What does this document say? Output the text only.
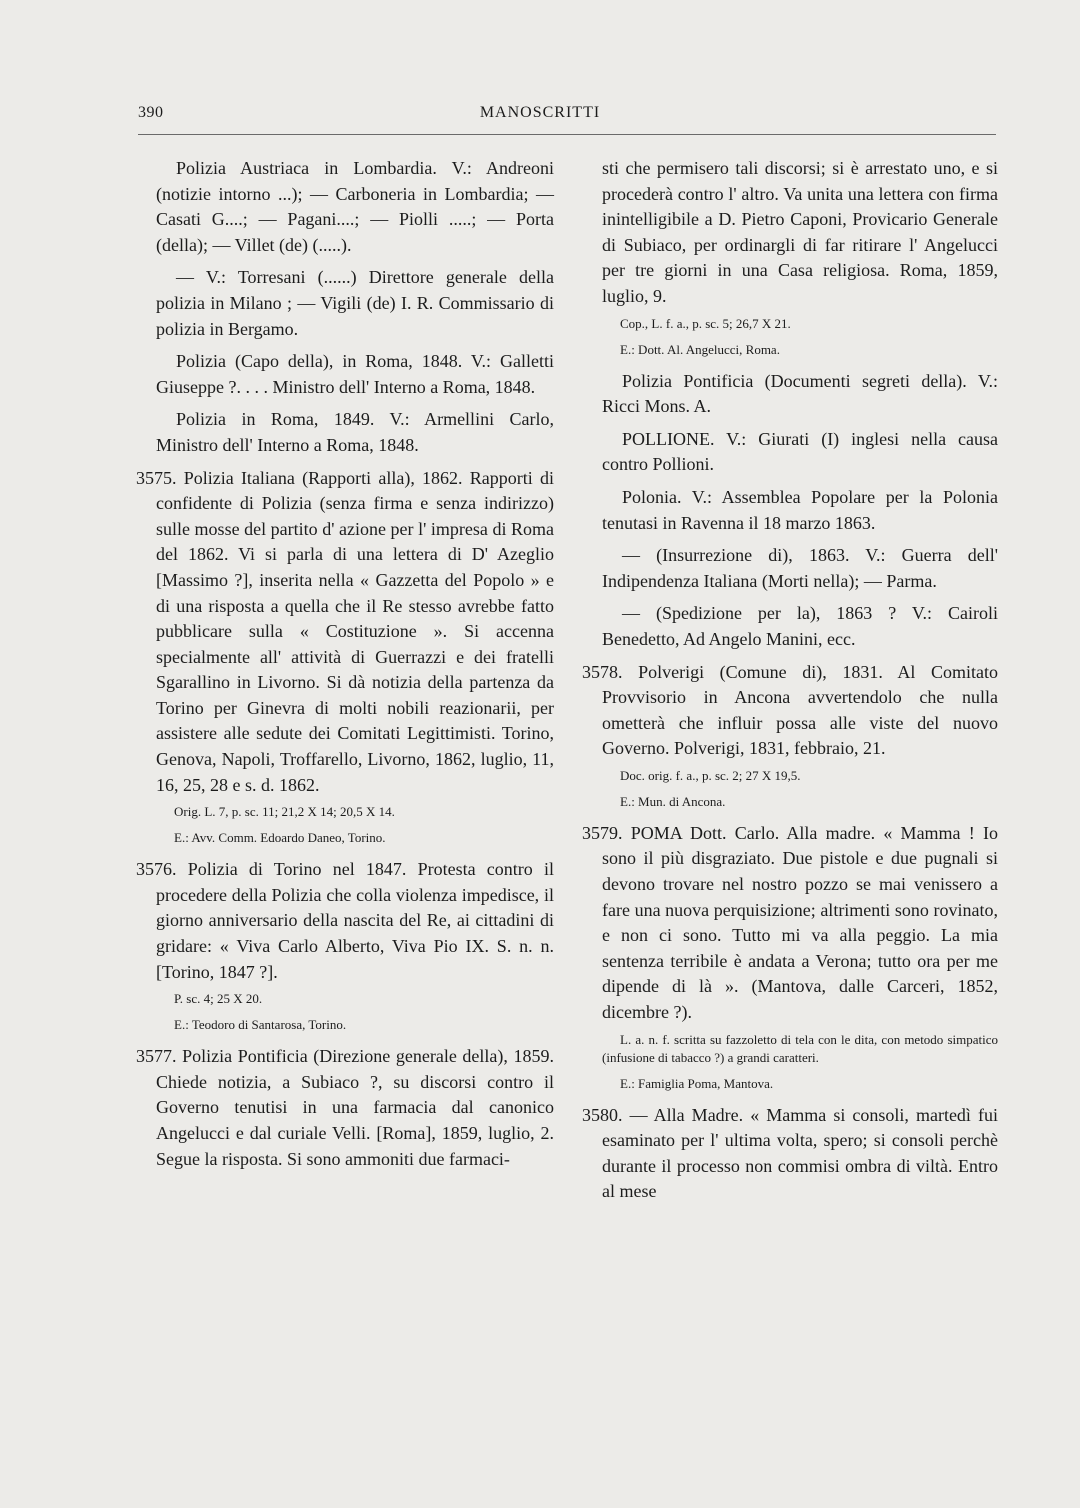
390	MANOSCRITTI

Polizia Austriaca in Lombardia. V.: Andreoni (notizie intorno ...); — Carboneria in Lombardia; — Casati G....; — Pagani....; — Piolli .....; — Porta (della); — Villet (de) (.....).

— V.: Torresani (......) Direttore generale della polizia in Milano ; — Vigili (de) I. R. Commissario di polizia in Bergamo.

Polizia (Capo della), in Roma, 1848. V.: Galletti Giuseppe ?. . . . Ministro dell' Interno a Roma, 1848.

Polizia in Roma, 1849. V.: Armellini Carlo, Ministro dell' Interno a Roma, 1848.

3575. Polizia Italiana (Rapporti alla), 1862. Rapporti di confidente di Polizia (senza firma e senza indirizzo) sulle mosse del partito d' azione per l' impresa di Roma del 1862. Vi si parla di una lettera di D' Azeglio [Massimo ?], inserita nella « Gazzetta del Popolo » e di una risposta a quella che il Re stesso avrebbe fatto pubblicare sulla « Costituzione ». Si accenna specialmente all' attività di Guerrazzi e dei fratelli Sgarallino in Livorno. Si dà notizia della partenza da Torino per Ginevra di molti nobili reazionarii, per assistere alle sedute dei Comitati Legittimisti. Torino, Genova, Napoli, Troffarello, Livorno, 1862, luglio, 11, 16, 25, 28 e s. d. 1862.

Orig. L. 7, p. sc. 11; 21,2 X 14; 20,5 X 14.

E.: Avv. Comm. Edoardo Daneo, Torino.

3576. Polizia di Torino nel 1847. Protesta contro il procedere della Polizia che colla violenza impedisce, il giorno anniversario della nascita del Re, ai cittadini di gridare: « Viva Carlo Alberto, Viva Pio IX. S. n. n. [Torino, 1847 ?].

P. sc. 4; 25 X 20.

E.: Teodoro di Santarosa, Torino.

3577. Polizia Pontificia (Direzione generale della), 1859. Chiede notizia, a Subiaco ?, su discorsi contro il Governo tenutisi in una farmacia dal canonico Angelucci e dal curiale Velli. [Roma], 1859, luglio, 2. Segue la risposta. Si sono ammoniti due farmaci-

sti che permisero tali discorsi; si è arrestato uno, e si procederà contro l' altro. Va unita una lettera con firma inintelligibile a D. Pietro Caponi, Provicario Generale di Subiaco, per ordinargli di far ritirare l' Angelucci per tre giorni in una Casa religiosa. Roma, 1859, luglio, 9.

Cop., L. f. a., p. sc. 5; 26,7 X 21.

E.: Dott. Al. Angelucci, Roma.

Polizia Pontificia (Documenti segreti della). V.: Ricci Mons. A.

POLLIONE. V.: Giurati (I) inglesi nella causa contro Pollioni.

Polonia. V.: Assemblea Popolare per la Polonia tenutasi in Ravenna il 18 marzo 1863.

— (Insurrezione di), 1863. V.: Guerra dell' Indipendenza Italiana (Morti nella); — Parma.

— (Spedizione per la), 1863 ? V.: Cairoli Benedetto, Ad Angelo Manini, ecc.

3578. Polverigi (Comune di), 1831. Al Comitato Provvisorio in Ancona avvertendolo che nulla ometterà che influir possa alle viste del nuovo Governo. Polverigi, 1831, febbraio, 21.

Doc. orig. f. a., p. sc. 2; 27 X 19,5.

E.: Mun. di Ancona.

3579. POMA Dott. Carlo. Alla madre. « Mamma ! Io sono il più disgraziato. Due pistole e due pugnali si devono trovare nel nostro pozzo se mai venissero a fare una nuova perquisizione; altrimenti sono rovinato, e non ci sono. Tutto mi va alla peggio. La mia sentenza terribile è andata a Verona; tutto ora per me dipende di là ». (Mantova, dalle Carceri, 1852, dicembre ?).

L. a. n. f. scritta su fazzoletto di tela con le dita, con metodo simpatico (infusione di tabacco ?) a grandi caratteri.

E.: Famiglia Poma, Mantova.

3580. — Alla Madre. « Mamma si consoli, martedì fui esaminato per l' ultima volta, spero; si consoli perchè durante il processo non commisi ombra di viltà. Entro al mese
